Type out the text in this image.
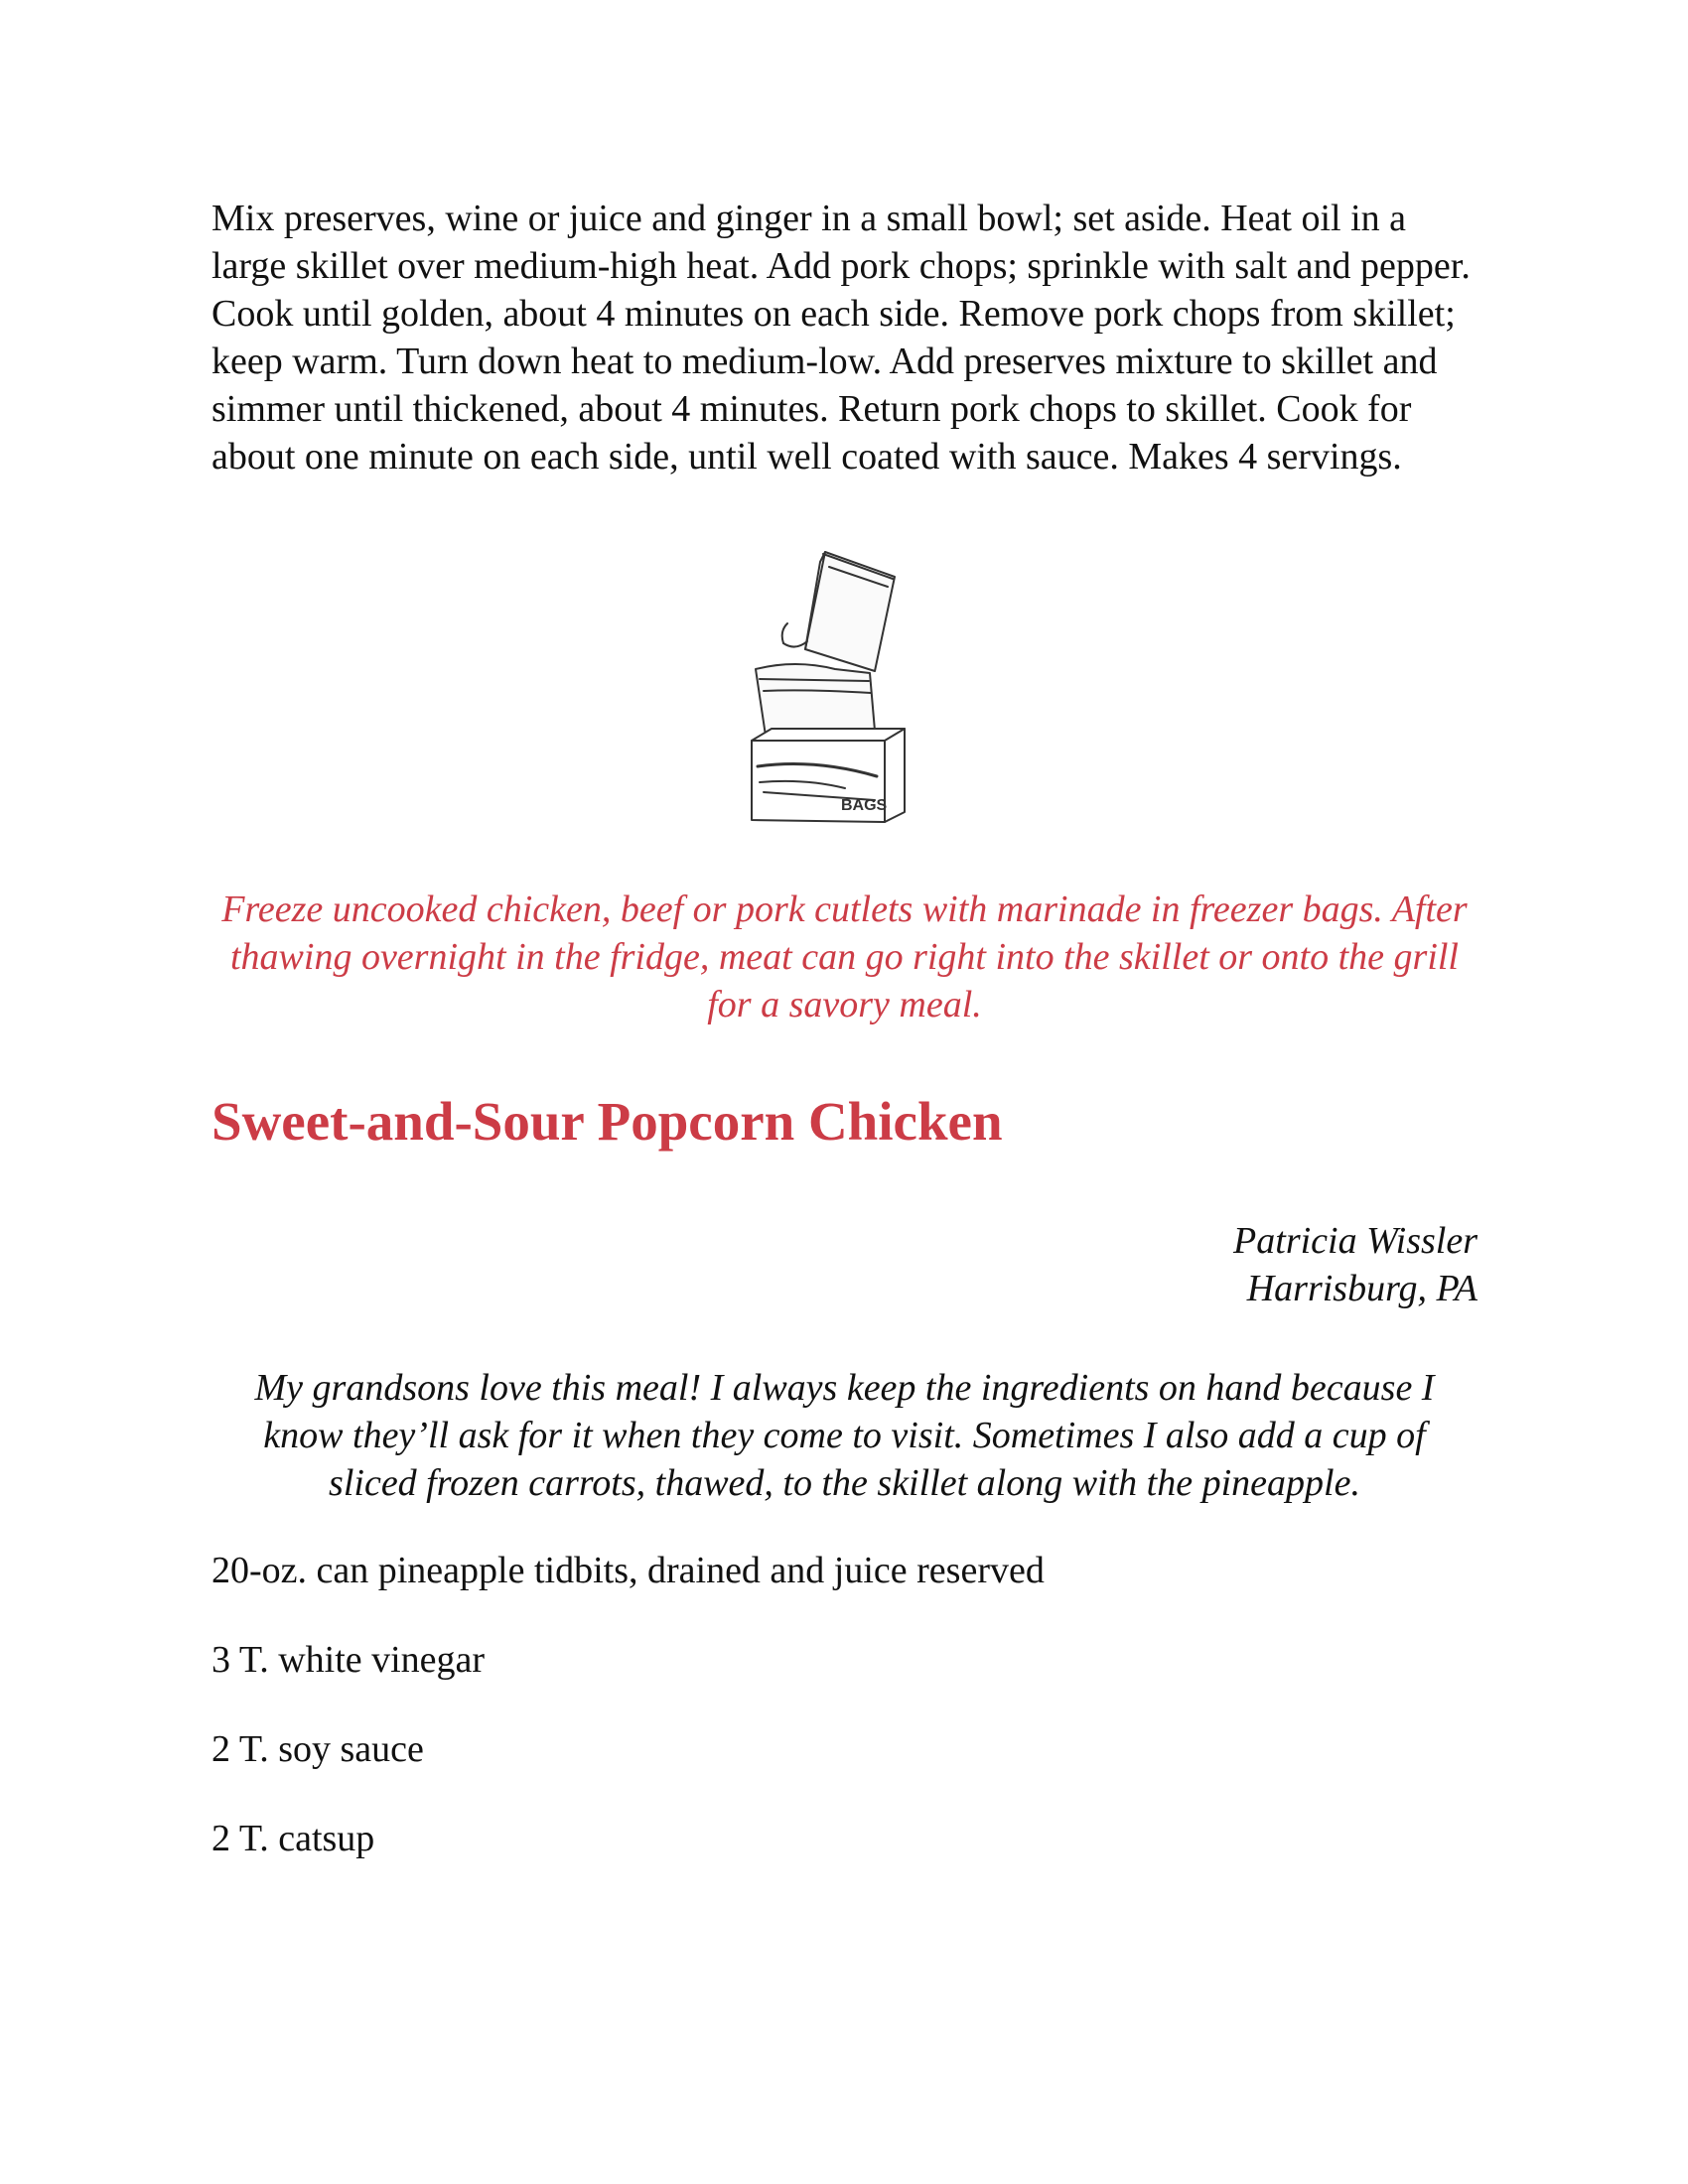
Mix preserves, wine or juice and ginger in a small bowl; set aside. Heat oil in a large skillet over medium-high heat. Add pork chops; sprinkle with salt and pepper. Cook until golden, about 4 minutes on each side. Remove pork chops from skillet; keep warm. Turn down heat to medium-low. Add preserves mixture to skillet and simmer until thickened, about 4 minutes. Return pork chops to skillet. Cook for about one minute on each side, until well coated with sauce. Makes 4 servings.

BAGS

Freeze uncooked chicken, beef or pork cutlets with marinade in freezer bags. After thawing overnight in the fridge, meat can go right into the skillet or onto the grill for a savory meal.

Sweet-and-Sour Popcorn Chicken
Patricia Wissler
Harrisburg, PA

My grandsons love this meal! I always keep the ingredients on hand because I know they’ll ask for it when they come to visit. Sometimes I also add a cup of sliced frozen carrots, thawed, to the skillet along with the pineapple.

20-oz. can pineapple tidbits, drained and juice reserved
3 T. white vinegar
2 T. soy sauce
2 T. catsup
